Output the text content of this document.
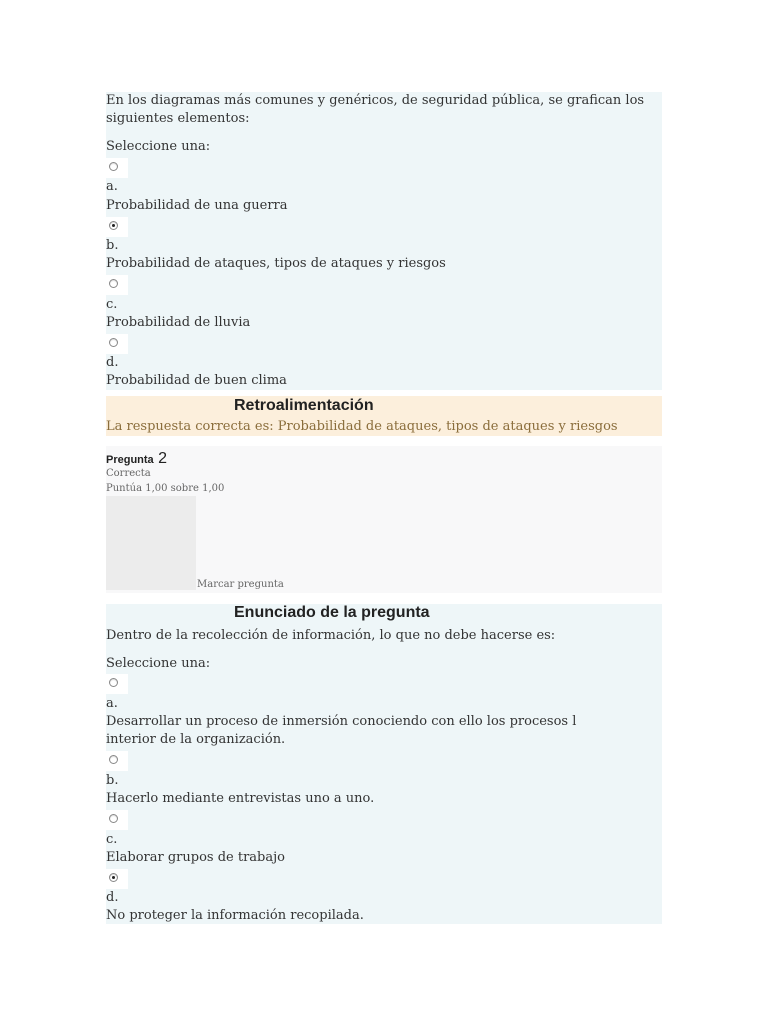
En los diagramas más comunes y genéricos, de seguridad pública, se grafican los siguientes elementos:
Seleccione una:
a.
Probabilidad de una guerra
b.
Probabilidad de ataques, tipos de ataques y riesgos
c.
Probabilidad de lluvia
d.
Probabilidad de buen clima
Retroalimentación
La respuesta correcta es: Probabilidad de ataques, tipos de ataques y riesgos
Pregunta 2
Correcta
Puntúa 1,00 sobre 1,00
Marcar pregunta
Enunciado de la pregunta
Dentro de la recolección de información, lo que no debe hacerse es:
Seleccione una:
a.
Desarrollar un proceso de inmersión conociendo con ello los procesos l interior de la organización.
b.
Hacerlo mediante entrevistas uno a uno.
c.
Elaborar grupos de trabajo
d.
No proteger la información recopilada.
